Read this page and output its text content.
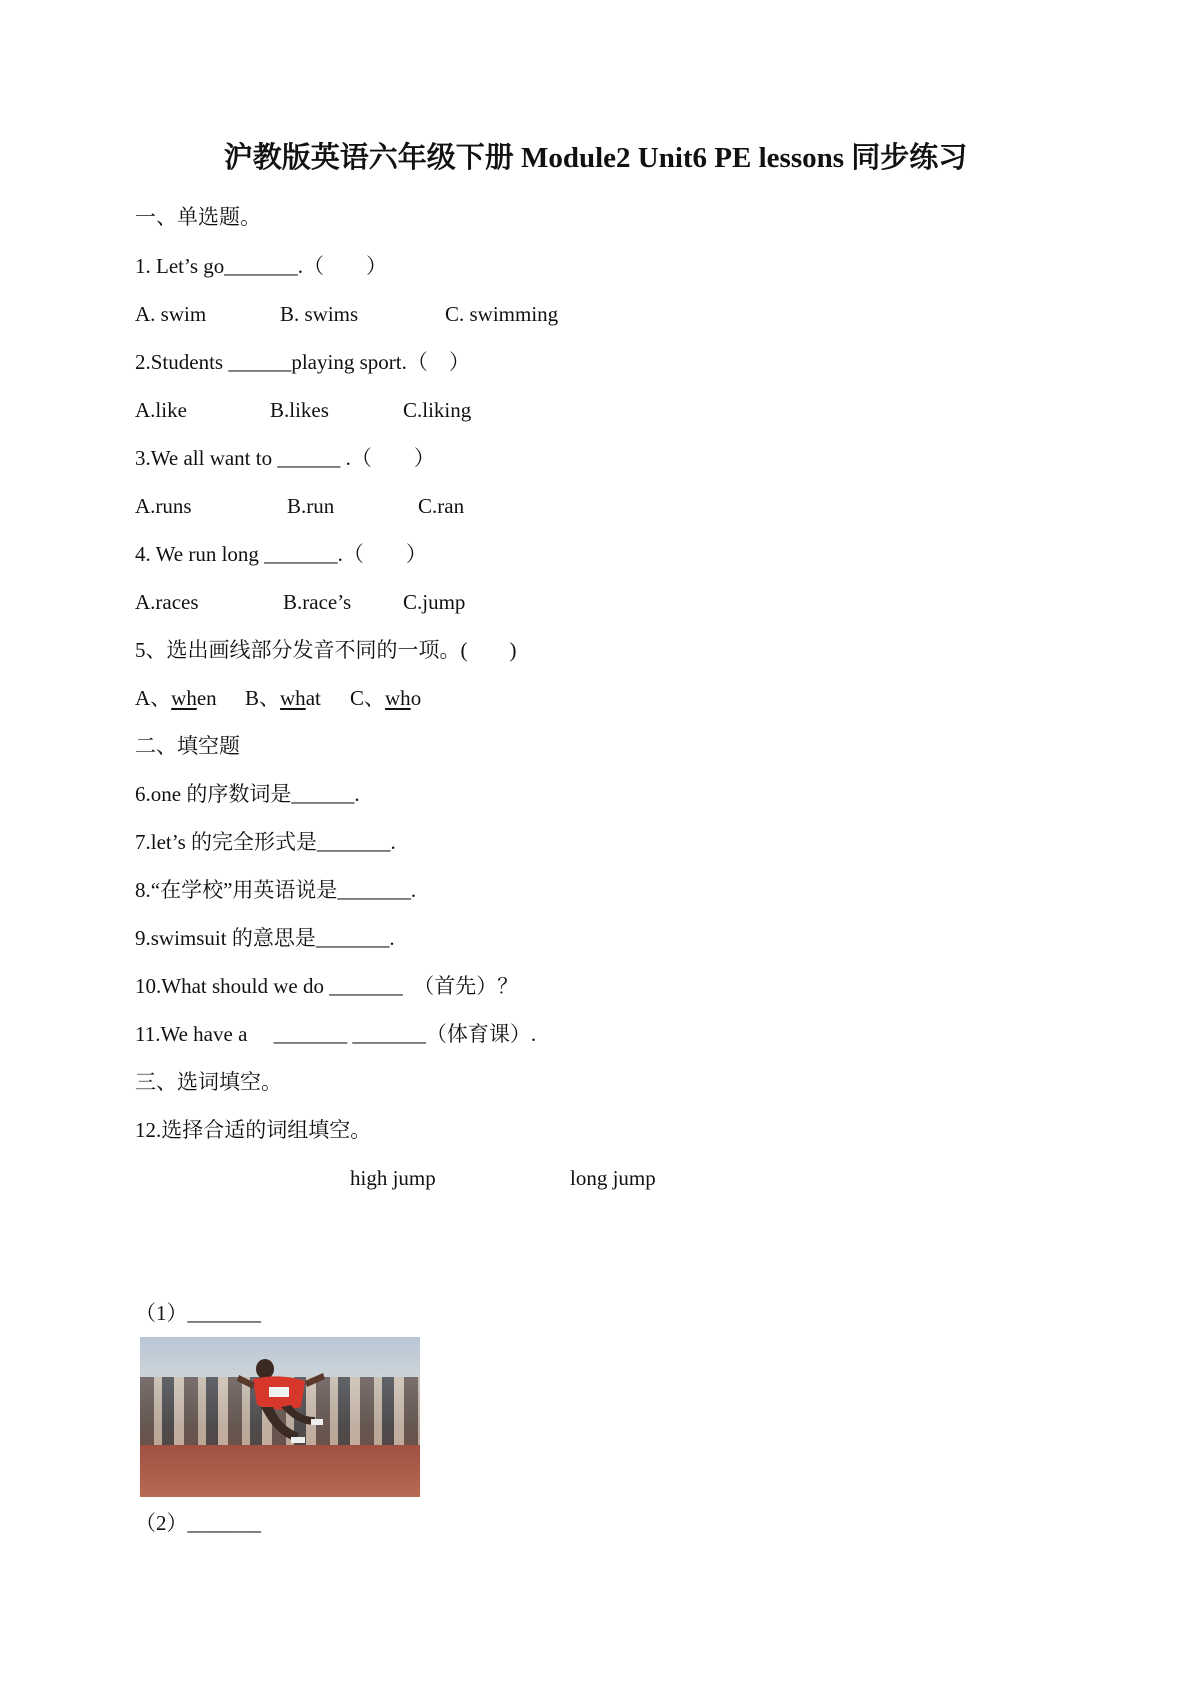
沪教版英语六年级下册 Module2 Unit6 PE lessons 同步练习
一、单选题。
1. Let’s go_______.（　　）
A. swim	B. swims	C. swimming
2.Students ______playing sport.（　）
A.like	B.likes	C.liking
3.We all want to ______ .（　　）
A.runs	B.run	C.ran
4. We run long _______.（　　）
A.races	B.race’s C.jump
5、选出画线部分发音不同的一项。(　　)
A、when B、what C、who
二、填空题
6.one 的序数词是______.
7.let’s 的完全形式是_______.
8.“在学校”用英语说是_______.
9.swimsuit 的意思是_______.
10.What should we do _______　（首先）？
11.We have a　 _______ _______（体育课）.
三、选词填空。
12.选择合适的词组填空。
high jump	long jump
（1）_______
（2）_______
